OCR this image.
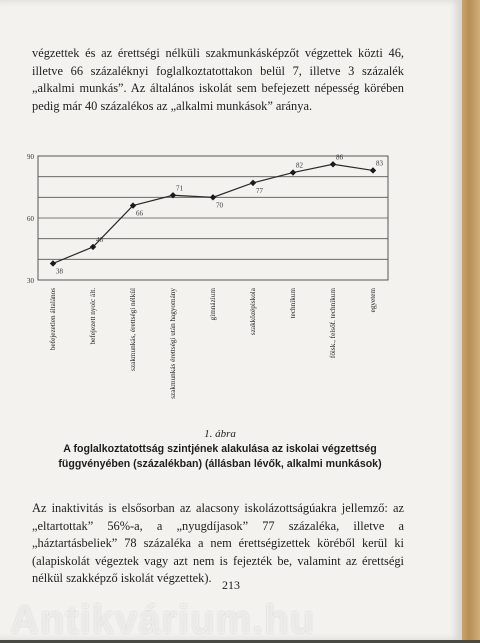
végzettek és az érettségi nélküli szakmunkásképzőt végzettek közti 46, illetve 66 százaléknyi foglalkoztatottakon belül 7, illetve 3 százalék „alkalmi munkás”. Az általános iskolát sem befejezett népesség körében pedig már 40 százalékos az „alkalmi munkások” aránya.

30
60
90
38
46
66
71
70
77
82
86
83
befejezetlen általános	befejezett nyolc ált.	szakmunkás, érettségi nélkül	szakmunkás érettségi után hagyomány	gimnázium	szakközépiskola	technikum	főisk., felsőf. technikum	egyetem
1. ábra
A foglalkoztatottság szintjének alakulása az iskolai végzettség függvényében (százalékban) (állásban lévők, alkalmi munkások)

Az inaktivitás is elsősorban az alacsony iskolázottságúakra jellemző: az „eltartottak” 56%-a, a „nyugdíjasok” 77 százaléka, illetve a „háztartásbeliek” 78 százaléka a nem érettségizettek köréből kerül ki (alapiskolát végeztek vagy azt nem is fejezték be, valamint az érettségi nélkül szakképző iskolát végzettek). 213
Antikvárium.hu
